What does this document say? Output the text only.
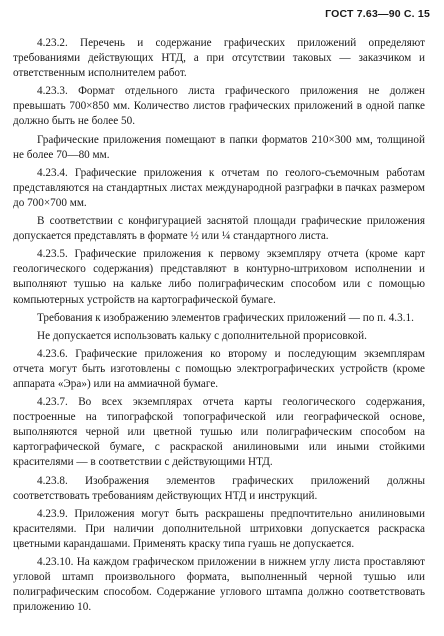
ГОСТ 7.63—90 С. 15

4.23.2. Перечень и содержание графических приложений определяют требованиями действующих НТД, а при отсутствии таковых — заказчиком и ответственным исполнителем работ.

4.23.3. Формат отдельного листа графического приложения не должен превышать 700×850 мм. Количество листов графических приложений в одной папке должно быть не более 50.

Графические приложения помещают в папки форматов 210×300 мм, толщиной не более 70—80 мм.

4.23.4. Графические приложения к отчетам по геолого-съемочным работам представляются на стандартных листах международной разграфки в пачках размером до 700×700 мм.

В соответствии с конфигурацией заснятой площади графические приложения допускается представлять в формате ½ или ¼ стандартного листа.

4.23.5. Графические приложения к первому экземпляру отчета (кроме карт геологического содержания) представляют в контурно-штриховом исполнении и выполняют тушью на кальке либо полиграфическим способом или с помощью компьютерных устройств на картографической бумаге.

Требования к изображению элементов графических приложений — по п. 4.3.1.

Не допускается использовать кальку с дополнительной прорисовкой.

4.23.6. Графические приложения ко второму и последующим экземплярам отчета могут быть изготовлены с помощью электрографических устройств (кроме аппарата «Эра») или на аммиачной бумаге.

4.23.7. Во всех экземплярах отчета карты геологического содержания, построенные на типографской топографической или географической основе, выполняются черной или цветной тушью или полиграфическим способом на картографической бумаге, с раскраской анилиновыми или иными стойкими красителями — в соответствии с действующими НТД.

4.23.8. Изображения элементов графических приложений должны соответствовать требованиям действующих НТД и инструкций.

4.23.9. Приложения могут быть раскрашены предпочтительно анилиновыми красителями. При наличии дополнительной штриховки допускается раскраска цветными карандашами. Применять краску типа гуашь не допускается.

4.23.10. На каждом графическом приложении в нижнем углу листа проставляют угловой штамп произвольного формата, выполненный черной тушью или полиграфическим способом. Содержание углового штампа должно соответствовать приложению 10.
